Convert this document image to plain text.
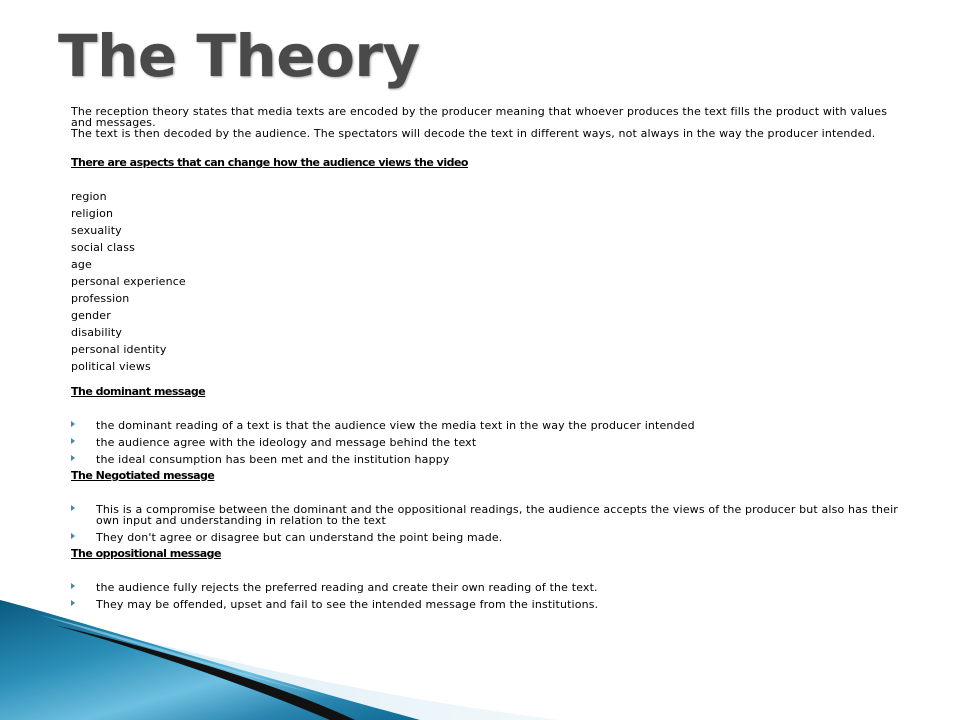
The Theory

The reception theory states that media texts are encoded by the producer meaning that whoever produces the text fills the product with values and messages.

The text is then decoded by the audience. The spectators will decode the text in different ways, not always in the way the producer intended.

There are aspects that can change how the audience views the video

region
religion
sexuality
social class
age
personal experience
profession
gender
disability
personal identity
political views

The dominant message

the dominant reading of a text is that the audience view the media text in the way the producer intended
the audience agree with the ideology and message behind the text
the ideal consumption has been met and the institution happy

The Negotiated message

This is a compromise between the dominant and the oppositional readings, the audience accepts the views of the producer but also has their own input and understanding in relation to the text
They don't agree or disagree but can understand the point being made.

The oppositional message

the audience fully rejects the preferred reading and create their own reading of the text.
They may be offended, upset and fail to see the intended message from the institutions.
